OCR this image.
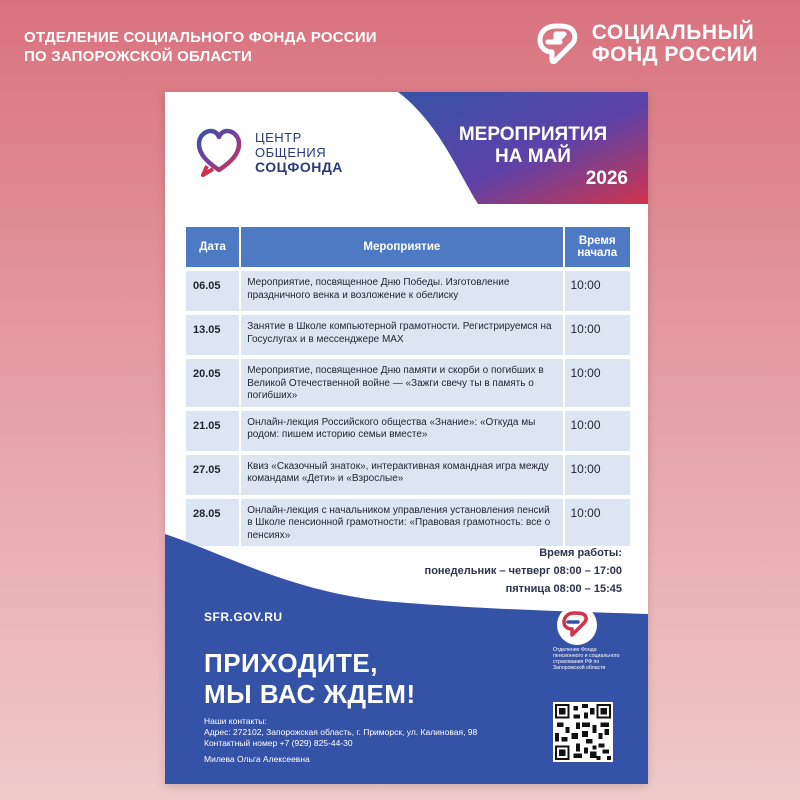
ОТДЕЛЕНИЕ СОЦИАЛЬНОГО ФОНДА РОССИИ
ПО ЗАПОРОЖСКОЙ ОБЛАСТИ
СОЦИАЛЬНЫЙ
ФОНД РОССИИ
МЕРОПРИЯТИЯ
НА МАЙ
2026
ЦЕНТР
ОБЩЕНИЯ
СОЦФОНДА
Дата	Мероприятие	Время начала
06.05	Мероприятие, посвященное Дню Победы. Изготовление праздничного венка и возложение к обелиску	10:00
13.05	Занятие в Школе компьютерной грамотности. Регистрируемся на Госуслугах и в мессенджере MAX	10:00
20.05	Мероприятие, посвященное Дню памяти и скорби о погибших в Великой Отечественной войне — «Зажги свечу ты в память о погибших»	10:00
21.05	Онлайн-лекция Российского общества «Знание»: «Откуда мы родом: пишем историю семьи вместе»	10:00
27.05	Квиз «Сказочный знаток», интерактивная командная игра между командами «Дети» и «Взрослые»	10:00
28.05	Онлайн-лекция с начальником управления установления пенсий в Школе пенсионной грамотности: «Правовая грамотность: все о пенсиях»	10:00
Время работы:
понедельник – четверг 08:00 – 17:00
пятница 08:00 – 15:45
SFR.GOV.RU
ПРИХОДИТЕ,
МЫ ВАС ЖДЕМ!
Наши контакты:
Адрес: 272102, Запорожская область, г. Приморск, ул. Калиновая, 98
Контактный номер +7 (929) 825-44-30
Милева Ольга Алексеевна
Отделение Фонда пенсионного и социального страхования РФ по Запорожской области
